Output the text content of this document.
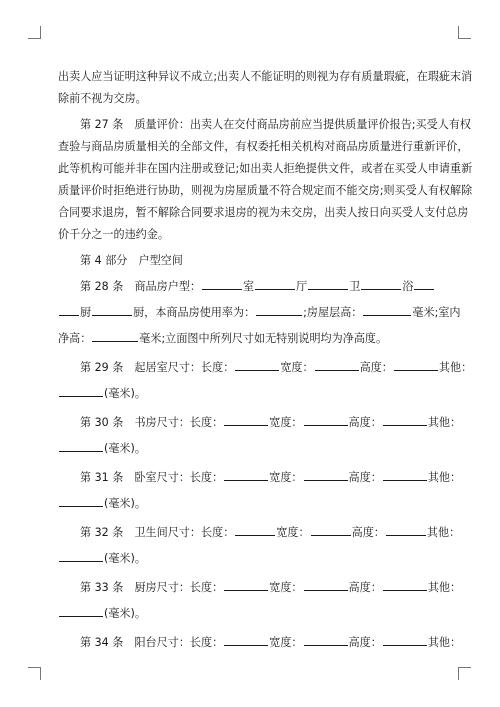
出卖人应当证明这种异议不成立;出卖人不能证明的则视为存有质量瑕疵，在瑕疵末消
除前不视为交房。
第 27 条　质量评价：出卖人在交付商品房前应当提供质量评价报告;买受人有权
查验与商品房质量相关的全部文件，有权委托相关机构对商品房质量进行重新评价，
此等机构可能并非在国内注册或登记;如出卖人拒绝提供文件，或者在买受人申请重新
质量评价时拒绝进行协助，则视为房屋质量不符合规定而不能交房;则买受人有权解除
合同要求退房，暂不解除合同要求退房的视为未交房，出卖人按日向买受人支付总房
价千分之一的违约金。
第 4 部分　户型空间
第 28 条　商品房户型：	室	厅	卫	浴
厨	厨，本商品房使用率为：	;房屋层高：	毫米;室内
净高：	毫米;立面图中所列尺寸如无特别说明均为净高度。
第 29 条　起居室尺寸：长度：	宽度：	高度：	其他：
(毫米)。
第 30 条　书房尺寸：长度：	宽度：	高度：	其他：
(毫米)。
第 31 条　卧室尺寸：长度：	宽度：	高度：	其他：
(毫米)。
第 32 条　卫生间尺寸：长度：	宽度：	高度：	其他：
(毫米)。
第 33 条　厨房尺寸：长度：	宽度：	高度：	其他：
(毫米)。
第 34 条　阳台尺寸：长度：	宽度：	高度：	其他：
